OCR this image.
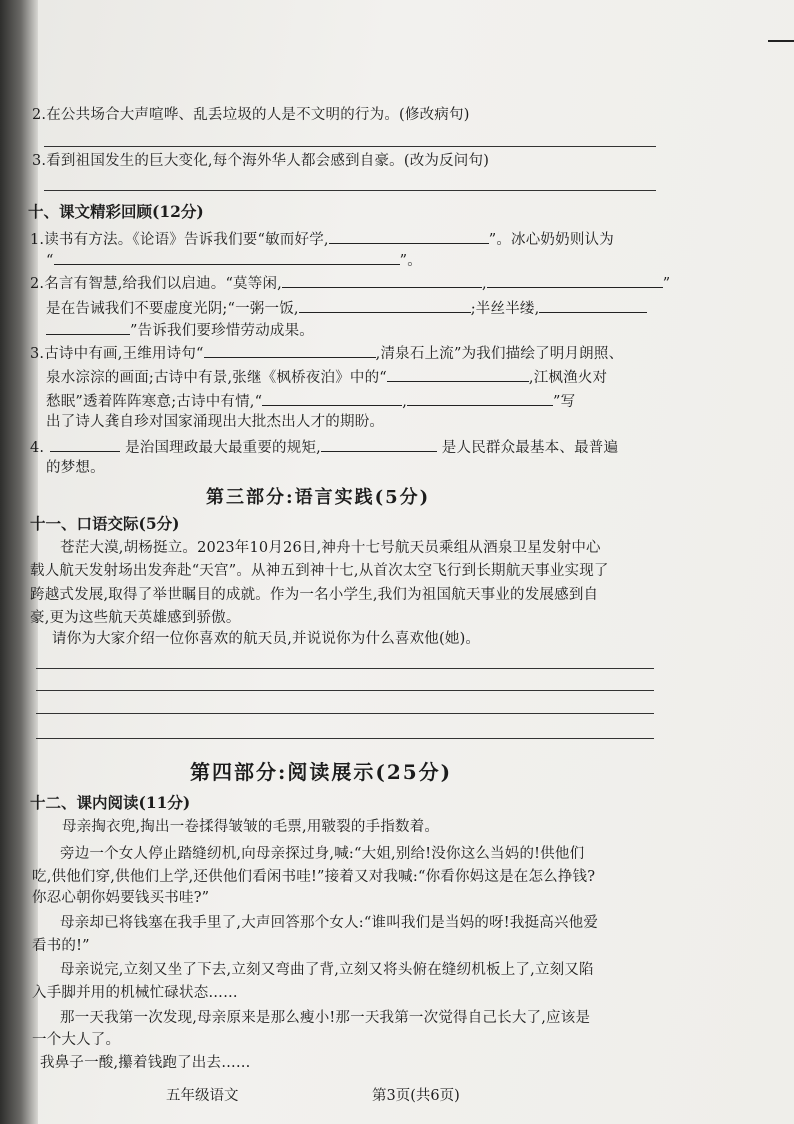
2.在公共场合大声喧哗、乱丢垃圾的人是不文明的行为。(修改病句)
3.看到祖国发生的巨大变化,每个海外华人都会感到自豪。(改为反问句)
十、课文精彩回顾(12分)
1.读书有方法。《论语》告诉我们要“敏而好学,	”。冰心奶奶则认为
“	”。
2.名言有智慧,给我们以启迪。“莫等闲,	,	”
是在告诫我们不要虚度光阴;“一粥一饭,	;半丝半缕,
”告诉我们要珍惜劳动成果。
3.古诗中有画,王维用诗句“	,清泉石上流”为我们描绘了明月朗照、
泉水淙淙的画面;古诗中有景,张继《枫桥夜泊》中的“	,江枫渔火对
愁眠”透着阵阵寒意;古诗中有情,“	,	”写
出了诗人龚自珍对国家涌现出大批杰出人才的期盼。
4.	是治国理政最大最重要的规矩,	是人民群众最基本、最普遍
的梦想。
第三部分:语言实践(5分)
十一、口语交际(5分)
苍茫大漠,胡杨挺立。2023年10月26日,神舟十七号航天员乘组从酒泉卫星发射中心
载人航天发射场出发奔赴“天宫”。从神五到神十七,从首次太空飞行到长期航天事业实现了
跨越式发展,取得了举世瞩目的成就。作为一名小学生,我们为祖国航天事业的发展感到自
豪,更为这些航天英雄感到骄傲。
请你为大家介绍一位你喜欢的航天员,并说说你为什么喜欢他(她)。
第四部分:阅读展示(25分)
十二、课内阅读(11分)
母亲掏衣兜,掏出一卷揉得皱皱的毛票,用皲裂的手指数着。
旁边一个女人停止踏缝纫机,向母亲探过身,喊:“大姐,别给!没你这么当妈的!供他们
吃,供他们穿,供他们上学,还供他们看闲书哇!”接着又对我喊:“你看你妈这是在怎么挣钱?
你忍心朝你妈要钱买书哇?”
母亲却已将钱塞在我手里了,大声回答那个女人:“谁叫我们是当妈的呀!我挺高兴他爱
看书的!”
母亲说完,立刻又坐了下去,立刻又弯曲了背,立刻又将头俯在缝纫机板上了,立刻又陷
入手脚并用的机械忙碌状态……
那一天我第一次发现,母亲原来是那么瘦小!那一天我第一次觉得自己长大了,应该是
一个大人了。
我鼻子一酸,攥着钱跑了出去……
五年级语文	第3页(共6页)
